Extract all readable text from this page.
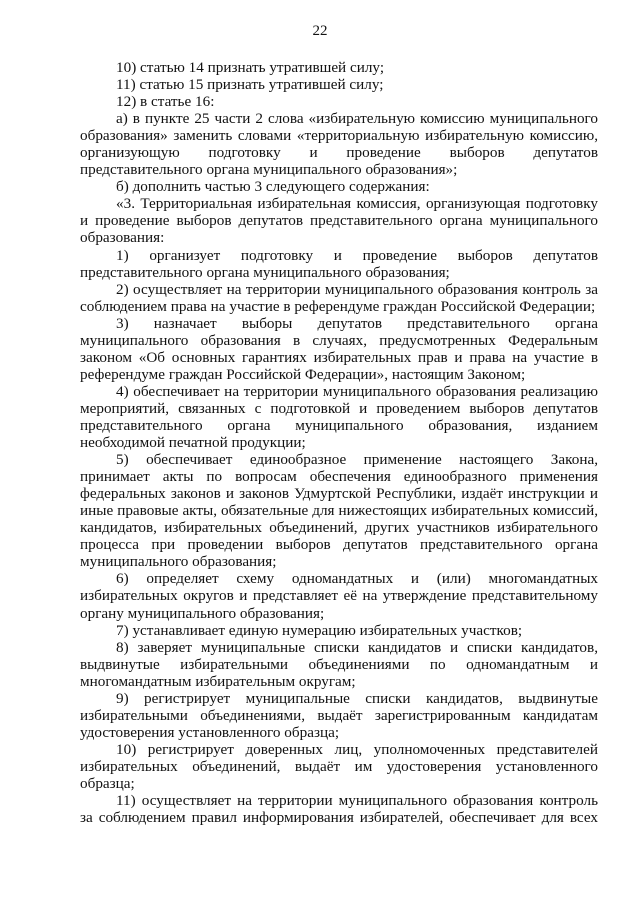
22

10) статью 14 признать утратившей силу;

11) статью 15 признать утратившей силу;

12) в статье 16:

а) в пункте 25 части 2 слова «избирательную комиссию муниципального образования» заменить словами «территориальную избирательную комиссию, организующую подготовку и проведение выборов депутатов представительного органа муниципального образования»;

б) дополнить частью 3 следующего содержания:

«3. Территориальная избирательная комиссия, организующая подготовку и проведение выборов депутатов представительного органа муниципального образования:

1) организует подготовку и проведение выборов депутатов представительного органа муниципального образования;

2) осуществляет на территории муниципального образования контроль за соблюдением права на участие в референдуме граждан Российской Федерации;

3) назначает выборы депутатов представительного органа муниципального образования в случаях, предусмотренных Федеральным законом «Об основных гарантиях избирательных прав и права на участие в референдуме граждан Российской Федерации», настоящим Законом;

4) обеспечивает на территории муниципального образования реализацию мероприятий, связанных с подготовкой и проведением выборов депутатов представительного органа муниципального образования, изданием необходимой печатной продукции;

5) обеспечивает единообразное применение настоящего Закона, принимает акты по вопросам обеспечения единообразного применения федеральных законов и законов Удмуртской Республики, издаёт инструкции и иные правовые акты, обязательные для нижестоящих избирательных комиссий, кандидатов, избирательных объединений, других участников избирательного процесса при проведении выборов депутатов представительного органа муниципального образования;

6) определяет схему одномандатных и (или) многомандатных избирательных округов и представляет её на утверждение представительному органу муниципального образования;

7) устанавливает единую нумерацию избирательных участков;

8) заверяет муниципальные списки кандидатов и списки кандидатов, выдвинутые избирательными объединениями по одномандатным и многомандатным избирательным округам;

9) регистрирует муниципальные списки кандидатов, выдвинутые избирательными объединениями, выдаёт зарегистрированным кандидатам удостоверения установленного образца;

10) регистрирует доверенных лиц, уполномоченных представителей избирательных объединений, выдаёт им удостоверения установленного образца;

11) осуществляет на территории муниципального образования контроль за соблюдением правил информирования избирателей, обеспечивает для всех
